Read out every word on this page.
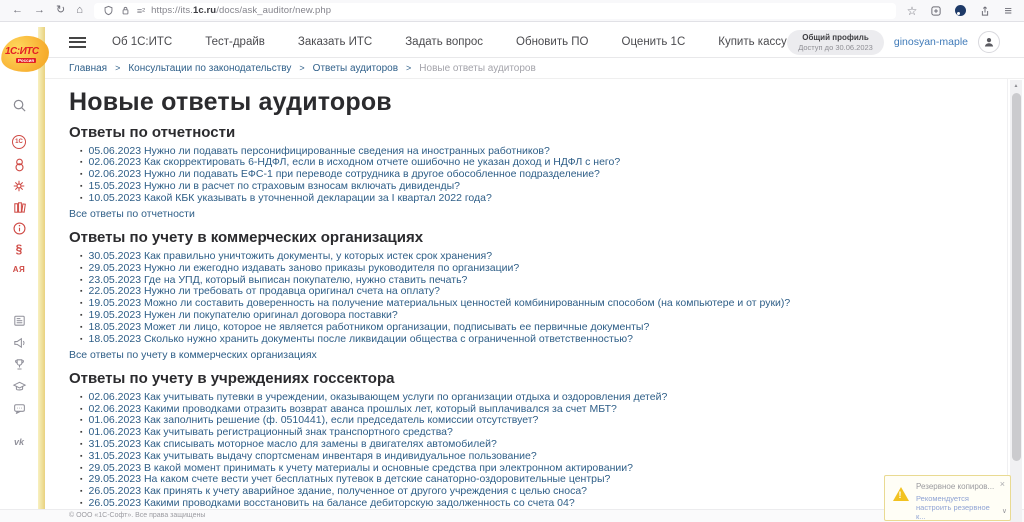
← → ↻ ⌂	≡² https://its.1c.ru/docs/ask_auditor/new.php	☆	≡
1С
§
АЯ
vk
1С:ИТС
Россия
Об 1С:ИТС	Тест-драйв	Заказать ИТС	Задать вопрос	Обновить ПО	Оценить 1С	Купить кассу	Общий профиль
Доступ до 30.06.2023 ginosyan-maple
Главная > Консультации по законодательству > Ответы аудиторов > Новые ответы аудиторов
Новые ответы аудиторов
Ответы по отчетности
▪ 05.06.2023 Нужно ли подавать персонифицированные сведения на иностранных работников?
▪ 02.06.2023 Как скорректировать 6-НДФЛ, если в исходном отчете ошибочно не указан доход и НДФЛ с него?
▪ 02.06.2023 Нужно ли подавать ЕФС-1 при переводе сотрудника в другое обособленное подразделение?
▪ 15.05.2023 Нужно ли в расчет по страховым взносам включать дивиденды?
▪ 10.05.2023 Какой КБК указывать в уточненной декларации за I квартал 2022 года?
Все ответы по отчетности
Ответы по учету в коммерческих организациях
▪ 30.05.2023 Как правильно уничтожить документы, у которых истек срок хранения?
▪ 29.05.2023 Нужно ли ежегодно издавать заново приказы руководителя по организации?
▪ 23.05.2023 Где на УПД, который выписан покупателю, нужно ставить печать?
▪ 22.05.2023 Нужно ли требовать от продавца оригинал счета на оплату?
▪ 19.05.2023 Можно ли составить доверенность на получение материальных ценностей комбинированным способом (на компьютере и от руки)?
▪ 19.05.2023 Нужен ли покупателю оригинал договора поставки?
▪ 18.05.2023 Может ли лицо, которое не является работником организации, подписывать ее первичные документы?
▪ 18.05.2023 Сколько нужно хранить документы после ликвидации общества с ограниченной ответственностью?
Все ответы по учету в коммерческих организациях
Ответы по учету в учреждениях госсектора
▪ 02.06.2023 Как учитывать путевки в учреждении, оказывающем услуги по организации отдыха и оздоровления детей?
▪ 02.06.2023 Какими проводками отразить возврат аванса прошлых лет, который выплачивался за счет МБТ?
▪ 01.06.2023 Как заполнить решение (ф. 0510441), если председатель комиссии отсутствует?
▪ 01.06.2023 Как учитывать регистрационный знак транспортного средства?
▪ 31.05.2023 Как списывать моторное масло для замены в двигателях автомобилей?
▪ 31.05.2023 Как учитывать выдачу спортсменам инвентаря в индивидуальное пользование?
▪ 29.05.2023 В какой момент принимать к учету материалы и основные средства при электронном актировании?
▪ 29.05.2023 На каком счете вести учет бесплатных путевок в детские санаторно-оздоровительные центры?
▪ 26.05.2023 Как принять к учету аварийное здание, полученное от другого учреждения с целью сноса?
▪ 26.05.2023 Какими проводками восстановить на балансе дебиторскую задолженность со счета 04?
© ООО «1С-Софт». Все права защищены
▲
!
Резервное копиров... ×
Рекомендуется настроить резервное к...
∨
